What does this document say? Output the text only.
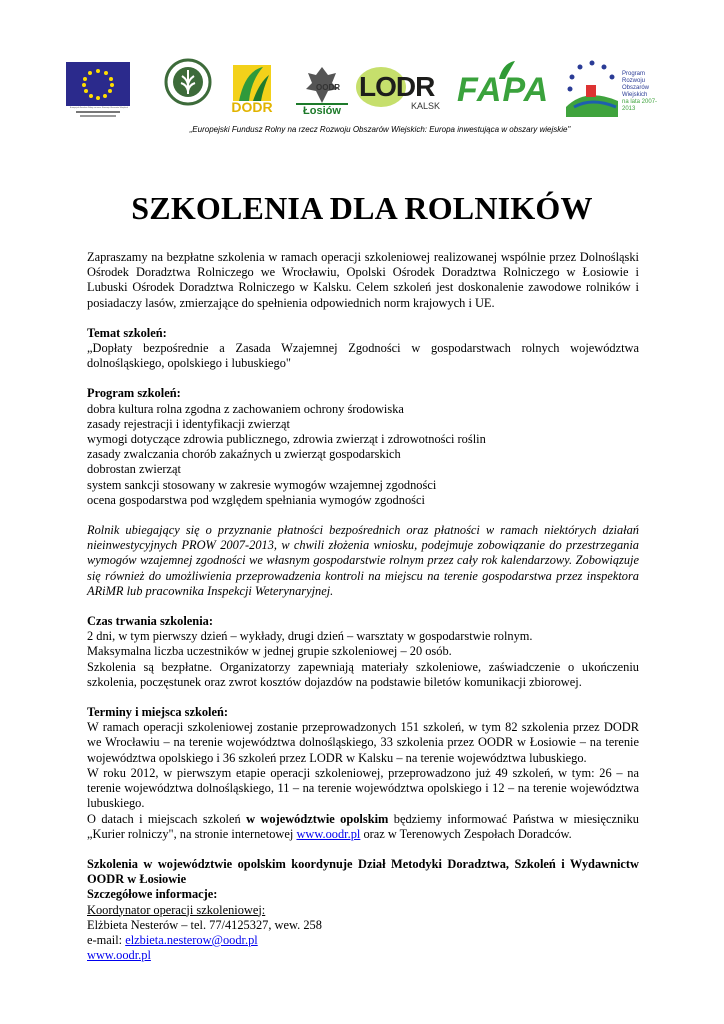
DODR
OODR
Łosiów
LODR
KALSK FAPA	Program
Rozwoju
Obszarów
Wiejskich
na lata 2007-2013
Europejski Fundusz Rolny na rzecz Rozwoju Obszarów Wiejskich
„Europejski Fundusz Rolny na rzecz Rozwoju Obszarów Wiejskich: Europa inwestująca w obszary wiejskie"
SZKOLENIA DLA ROLNIKÓW

Zapraszamy na bezpłatne szkolenia w ramach operacji szkoleniowej realizowanej wspólnie przez Dolnośląski Ośrodek Doradztwa Rolniczego we Wrocławiu, Opolski Ośrodek Doradztwa Rolniczego w Łosiowie i Lubuski Ośrodek Doradztwa Rolniczego w Kalsku. Celem szkoleń jest doskonalenie zawodowe rolników i posiadaczy lasów, zmierzające do spełnienia odpowiednich norm krajowych i UE.

Temat szkoleń:

„Dopłaty bezpośrednie a Zasada Wzajemnej Zgodności w gospodarstwach rolnych województwa dolnośląskiego, opolskiego i lubuskiego"

Program szkoleń:

dobra kultura rolna zgodna z zachowaniem ochrony środowiska

zasady rejestracji i identyfikacji zwierząt

wymogi dotyczące zdrowia publicznego, zdrowia zwierząt i zdrowotności roślin

zasady zwalczania chorób zakaźnych u zwierząt gospodarskich

dobrostan zwierząt

system sankcji stosowany w zakresie wymogów wzajemnej zgodności

ocena gospodarstwa pod względem spełniania wymogów zgodności

Rolnik ubiegający się o przyznanie płatności bezpośrednich oraz płatności w ramach niektórych działań nieinwestycyjnych PROW 2007-2013, w chwili złożenia wniosku, podejmuje zobowiązanie do przestrzegania wymogów wzajemnej zgodności we własnym gospodarstwie rolnym przez cały rok kalendarzowy. Zobowiązuje się również do umożliwienia przeprowadzenia kontroli na miejscu na terenie gospodarstwa przez inspektora ARiMR lub pracownika Inspekcji Weterynaryjnej.

Czas trwania szkolenia:

2 dni, w tym pierwszy dzień – wykłady, drugi dzień – warsztaty w gospodarstwie rolnym.

Maksymalna liczba uczestników w jednej grupie szkoleniowej – 20 osób.

Szkolenia są bezpłatne. Organizatorzy zapewniają materiały szkoleniowe, zaświadczenie o ukończeniu szkolenia, poczęstunek oraz zwrot kosztów dojazdów na podstawie biletów komunikacji zbiorowej.

Terminy i miejsca szkoleń:

W ramach operacji szkoleniowej zostanie przeprowadzonych 151 szkoleń, w tym 82 szkolenia przez DODR we Wrocławiu – na terenie województwa dolnośląskiego, 33 szkolenia przez OODR w Łosiowie – na terenie województwa opolskiego i 36 szkoleń przez LODR w Kalsku – na terenie województwa lubuskiego.

W roku 2012, w pierwszym etapie operacji szkoleniowej, przeprowadzono już 49 szkoleń, w tym: 26 – na terenie województwa dolnośląskiego, 11 – na terenie województwa opolskiego i 12 – na terenie województwa lubuskiego.

O datach i miejscach szkoleń w województwie opolskim będziemy informować Państwa w miesięczniku „Kurier rolniczy", na stronie internetowej www.oodr.pl oraz w Terenowych Zespołach Doradców.

Szkolenia w województwie opolskim koordynuje Dział Metodyki Doradztwa, Szkoleń i Wydawnictw OODR w Łosiowie

Szczegółowe informacje:

Koordynator operacji szkoleniowej:

Elżbieta Nesterów – tel. 77/4125327, wew. 258

e-mail: elzbieta.nesterow@oodr.pl

www.oodr.pl
